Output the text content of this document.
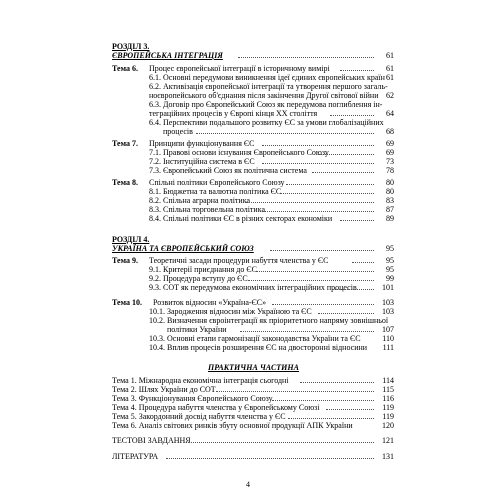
РОЗДІЛ 3.
ЄВРОПЕЙСЬКА ІНТЕГРАЦІЯ	61
Тема 6. Процес європейської інтеграції в історичному вимірі	61
6.1. Основні передумови виникнення ідеї єдиних європейських країн 61
6.2. Активізація європейської інтеграції та утворення першого загаль-
ноєвропейського об'єднання після закінчення Другої світової війни 62
6.3. Договір про Європейський Союз як передумова поглиблення ін-
теграційних процесів у Європі кінця ХХ століття	64
6.4. Перспективи подальшого розвитку ЄС за умови глобалізаційних
процесів	68
Тема 7. Принципи функціонування ЄС	69
7.1. Правові основи існування Європейського Союзу	69
7.2. Інституційна система в ЄС	73
7.3. Європейський Союз як політична система	78
Тема 8. Спільні політики Європейського Союзу	80
8.1. Бюджетна та валютна політика ЄС	80
8.2. Спільна аграрна політика	83
8.3. Спільна торговельна політика	87
8.4. Спільні політики ЄС в різних секторах економіки	89
РОЗДІЛ 4.
УКРАЇНА ТА ЄВРОПЕЙСЬКИЙ СОЮЗ	95
Тема 9. Теоретичні засади процедури набуття членства у ЄС	95
9.1. Критерії приєднання до ЄС	95
9.2. Процедура вступу до ЄС	99
9.3. СОТ як передумова економічних інтеграційних процесів	101
Тема 10. Розвиток відносин «Україна-ЄС»	103
10.1. Зародження відносин між Україною та ЄС	103
10.2. Визначення євроінтеграції як пріоритетного напряму зовнішньої
політики України	107
10.3. Основні етапи гармонізації законодавства України та ЄС	110
10.4. Вплив процесів розширення ЄС на двосторонні відносини	111
ПРАКТИЧНА ЧАСТИНА
Тема 1. Міжнародна економічна інтеграція сьогодні	114
Тема 2. Шлях України до СОТ	115
Тема 3. Функціонування Європейського Союзу	116
Тема 4. Процедура набуття членства у Європейському Союзі	119
Тема 5. Закордонний досвід набуття членства у ЄС	119
Тема 6. Аналіз світових ринків збуту основної продукції АПК України	120
ТЕСТОВІ ЗАВДАННЯ	121
ЛІТЕРАТУРА	131
4
